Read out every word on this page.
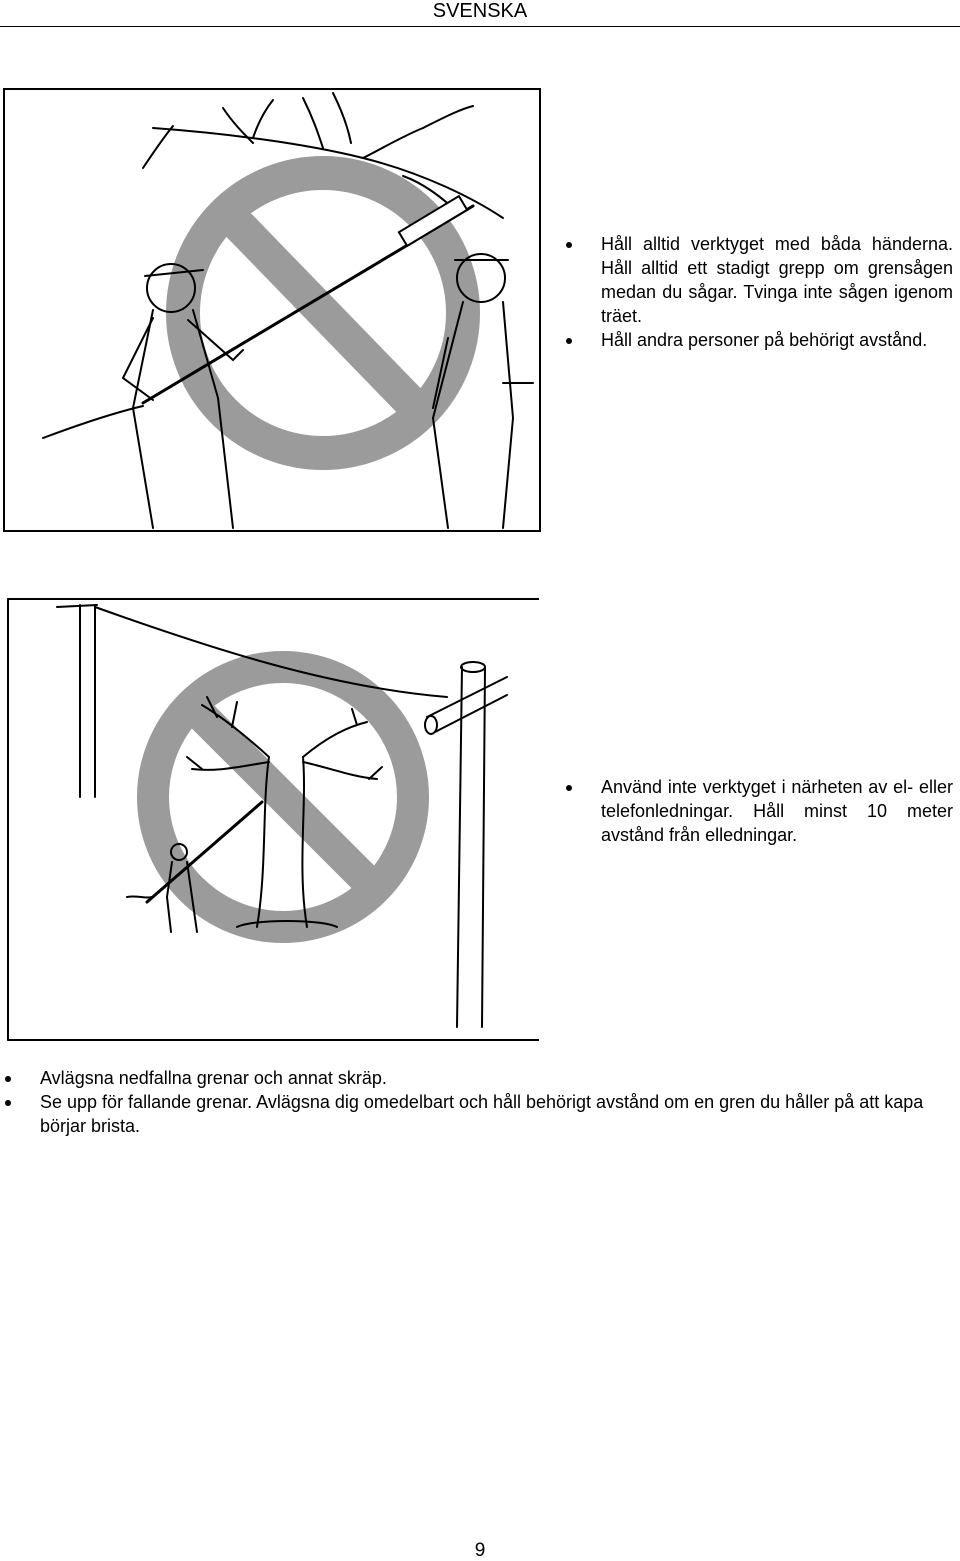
SVENSKA
Håll alltid verktyget med båda händerna. Håll alltid ett stadigt grepp om grensågen medan du sågar. Tvinga inte sågen igenom träet.
Håll andra personer på behörigt avstånd.
Använd inte verktyget i närheten av el- eller telefonledningar. Håll minst 10 meter avstånd från elledningar.
Avlägsna nedfallna grenar och annat skräp.
Se upp för fallande grenar. Avlägsna dig omedelbart och håll behörigt avstånd om en gren du håller på att kapa börjar brista.
9
